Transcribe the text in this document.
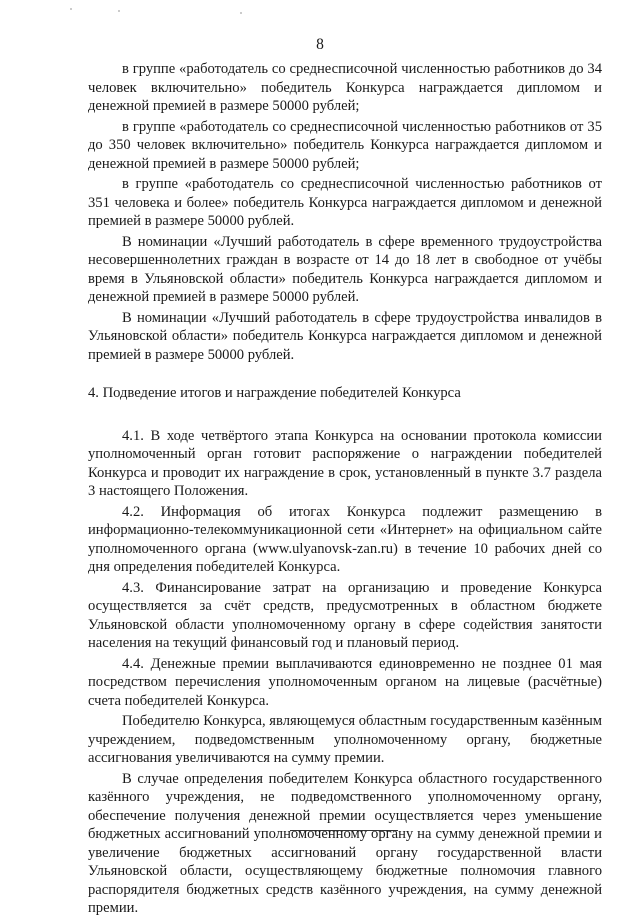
8

в группе «работодатель со среднесписочной численностью работников до 34 человек включительно» победитель Конкурса награждается дипломом и денежной премией в размере 50000 рублей;

в группе «работодатель со среднесписочной численностью работников от 35 до 350 человек включительно» победитель Конкурса награждается дипломом и денежной премией в размере 50000 рублей;

в группе «работодатель со среднесписочной численностью работников от 351 человека и более» победитель Конкурса награждается дипломом и денежной премией в размере 50000 рублей.

В номинации «Лучший работодатель в сфере временного трудоустройства несовершеннолетних граждан в возрасте от 14 до 18 лет в свободное от учёбы время в Ульяновской области» победитель Конкурса награждается дипломом и денежной премией в размере 50000 рублей.

В номинации «Лучший работодатель в сфере трудоустройства инвалидов в Ульяновской области» победитель Конкурса награждается дипломом и денежной премией в размере 50000 рублей.

4. Подведение итогов и награждение победителей Конкурса

4.1. В ходе четвёртого этапа Конкурса на основании протокола комиссии уполномоченный орган готовит распоряжение о награждении победителей Конкурса и проводит их награждение в срок, установленный в пункте 3.7 раздела 3 настоящего Положения.

4.2. Информация об итогах Конкурса подлежит размещению в информационно-телекоммуникационной сети «Интернет» на официальном сайте уполномоченного органа (www.ulyanovsk-zan.ru) в течение 10 рабочих дней со дня определения победителей Конкурса.

4.3. Финансирование затрат на организацию и проведение Конкурса осуществляется за счёт средств, предусмотренных в областном бюджете Ульяновской области уполномоченному органу в сфере содействия занятости населения на текущий финансовый год и плановый период.

4.4. Денежные премии выплачиваются единовременно не позднее 01 мая посредством перечисления уполномоченным органом на лицевые (расчётные) счета победителей Конкурса.

Победителю Конкурса, являющемуся областным государственным казённым учреждением, подведомственным уполномоченному органу, бюджетные ассигнования увеличиваются на сумму премии.

В случае определения победителем Конкурса областного государственного казённого учреждения, не подведомственного уполномоченному органу, обеспечение получения денежной премии осуществляется через уменьшение бюджетных ассигнований уполномоченному органу на сумму денежной премии и увеличение бюджетных ассигнований органу государственной власти Ульяновской области, осуществляющему бюджетные полномочия главного распорядителя бюджетных средств казённого учреждения, на сумму денежной премии.
